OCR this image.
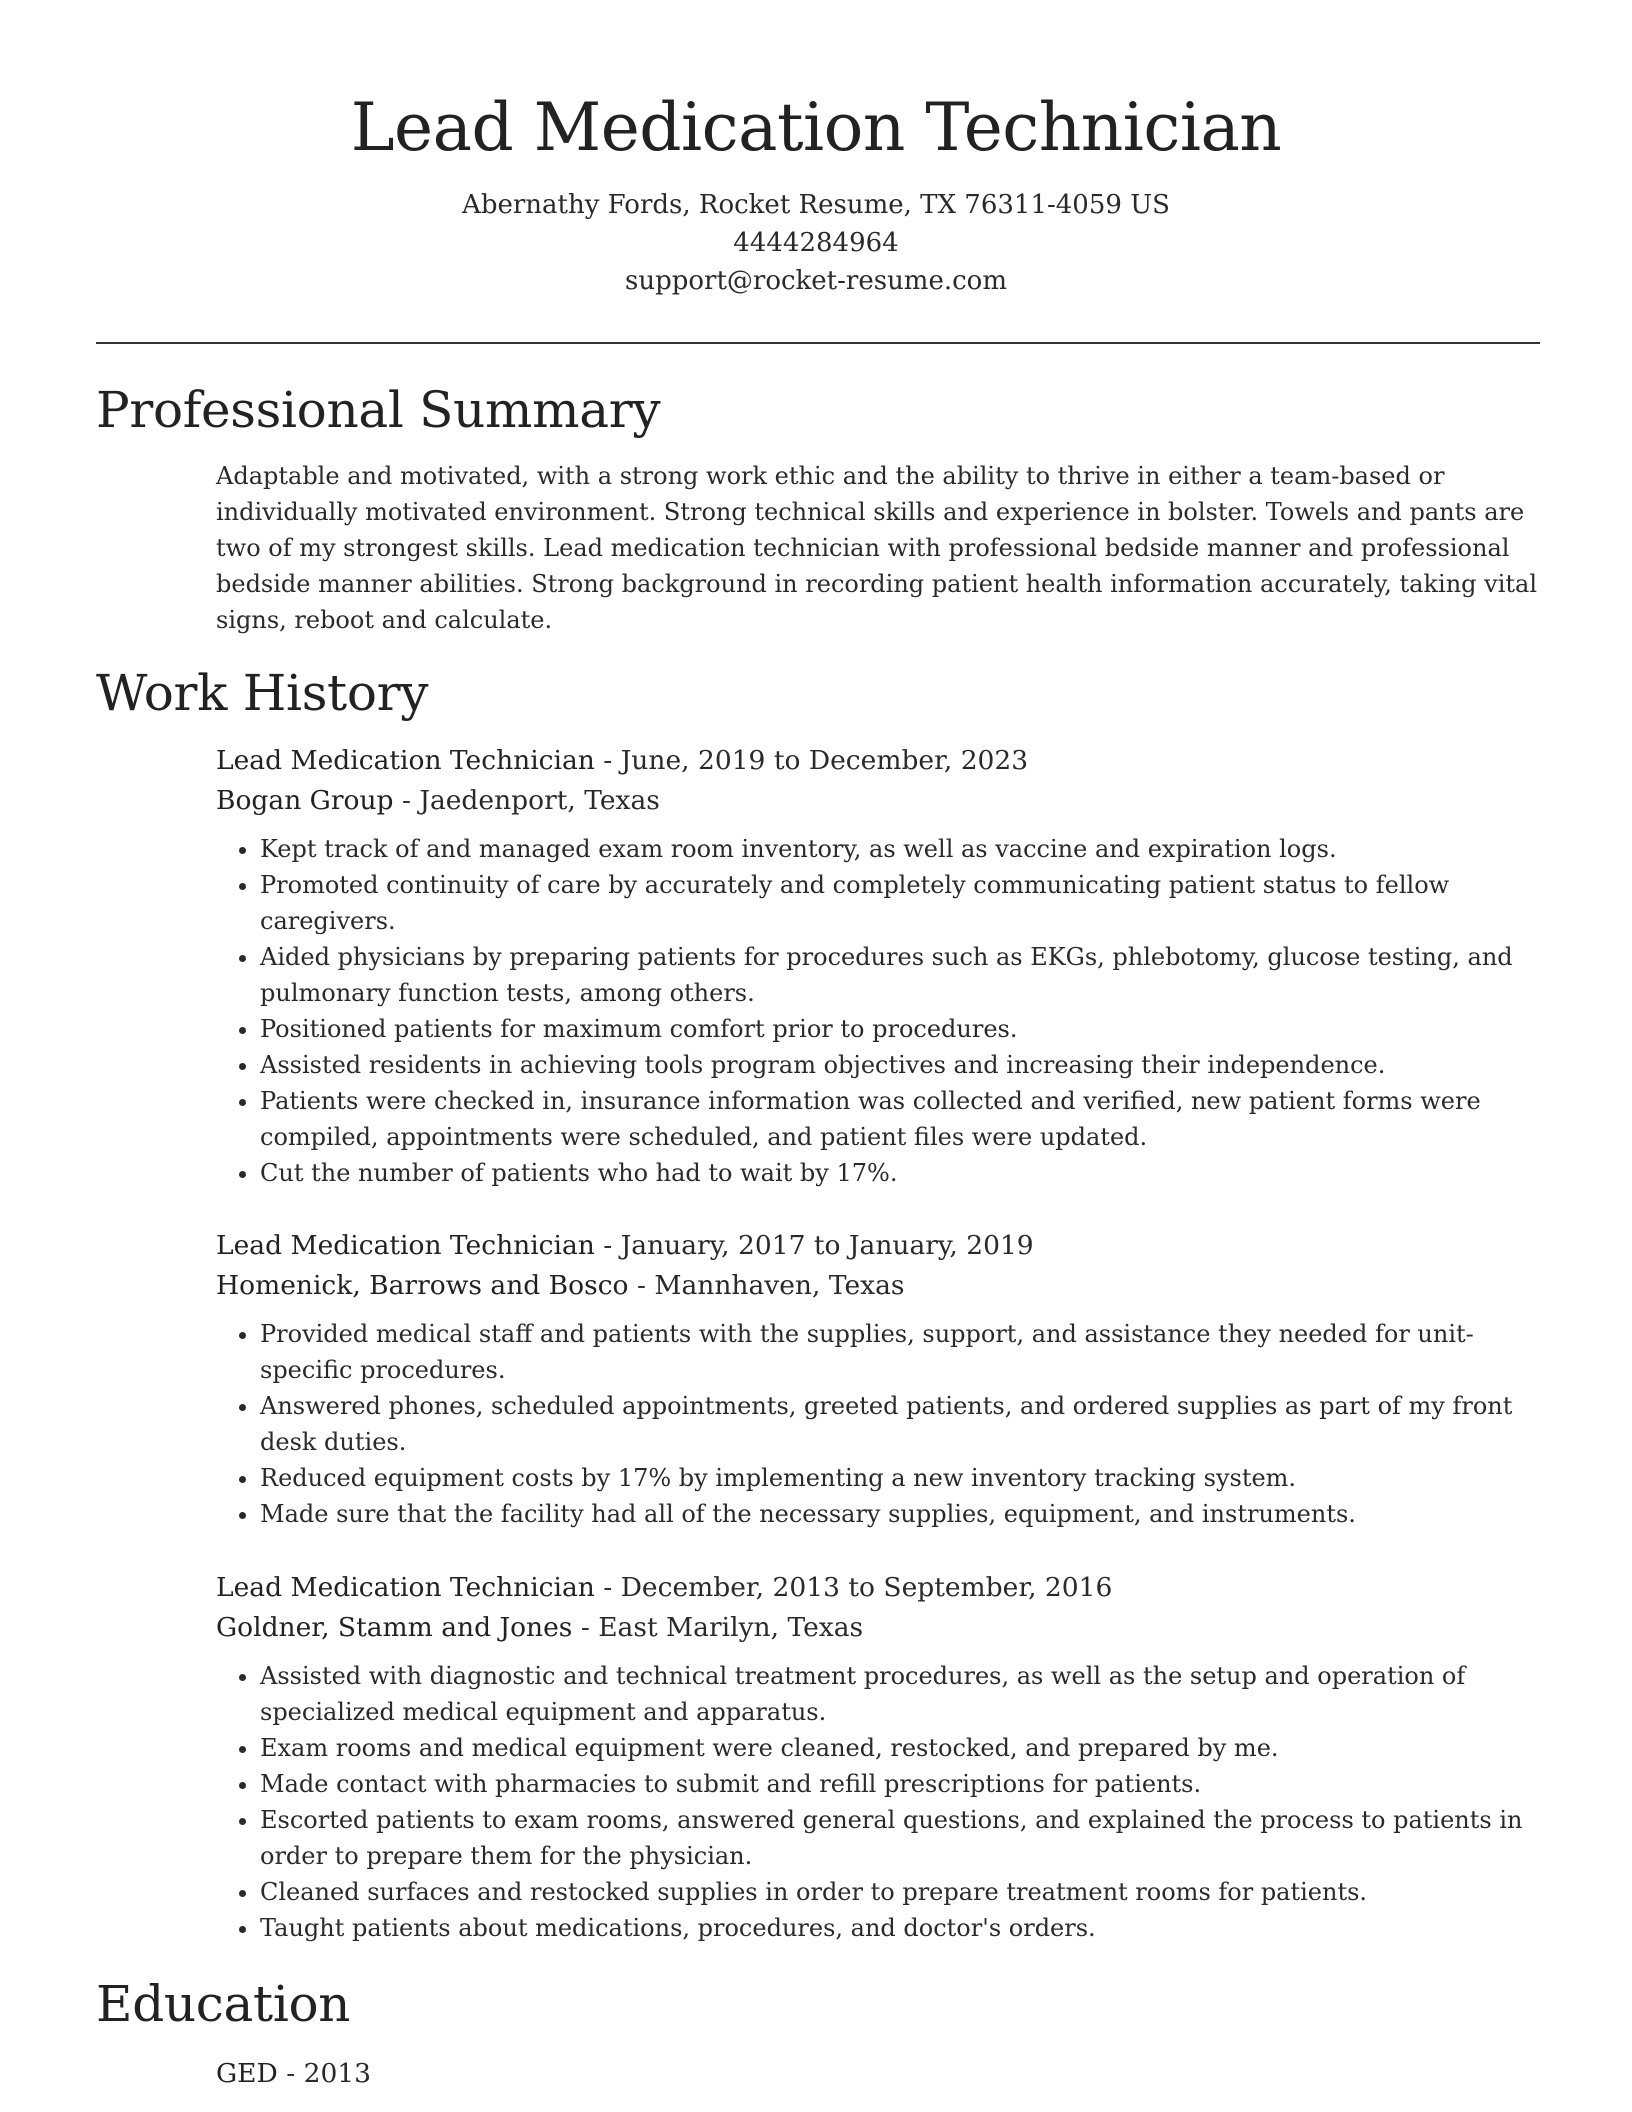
Lead Medication Technician
Abernathy Fords, Rocket Resume, TX 76311-4059 US
4444284964
support@rocket-resume.com
Professional Summary
Adaptable and motivated, with a strong work ethic and the ability to thrive in either a team-based or individually motivated environment. Strong technical skills and experience in bolster. Towels and pants are two of my strongest skills. Lead medication technician with professional bedside manner and professional bedside manner abilities. Strong background in recording patient health information accurately, taking vital signs, reboot and calculate.
Work History
Lead Medication Technician - June, 2019 to December, 2023
Bogan Group - Jaedenport, Texas
• Kept track of and managed exam room inventory, as well as vaccine and expiration logs.
• Promoted continuity of care by accurately and completely communicating patient status to fellow caregivers.
• Aided physicians by preparing patients for procedures such as EKGs, phlebotomy, glucose testing, and pulmonary function tests, among others.
• Positioned patients for maximum comfort prior to procedures.
• Assisted residents in achieving tools program objectives and increasing their independence.
• Patients were checked in, insurance information was collected and verified, new patient forms were compiled, appointments were scheduled, and patient files were updated.
• Cut the number of patients who had to wait by 17%.
Lead Medication Technician - January, 2017 to January, 2019
Homenick, Barrows and Bosco - Mannhaven, Texas
• Provided medical staff and patients with the supplies, support, and assistance they needed for unit-specific procedures.
• Answered phones, scheduled appointments, greeted patients, and ordered supplies as part of my front desk duties.
• Reduced equipment costs by 17% by implementing a new inventory tracking system.
• Made sure that the facility had all of the necessary supplies, equipment, and instruments.
Lead Medication Technician - December, 2013 to September, 2016
Goldner, Stamm and Jones - East Marilyn, Texas
• Assisted with diagnostic and technical treatment procedures, as well as the setup and operation of specialized medical equipment and apparatus.
• Exam rooms and medical equipment were cleaned, restocked, and prepared by me.
• Made contact with pharmacies to submit and refill prescriptions for patients.
• Escorted patients to exam rooms, answered general questions, and explained the process to patients in order to prepare them for the physician.
• Cleaned surfaces and restocked supplies in order to prepare treatment rooms for patients.
• Taught patients about medications, procedures, and doctor's orders.
Education
GED - 2013
